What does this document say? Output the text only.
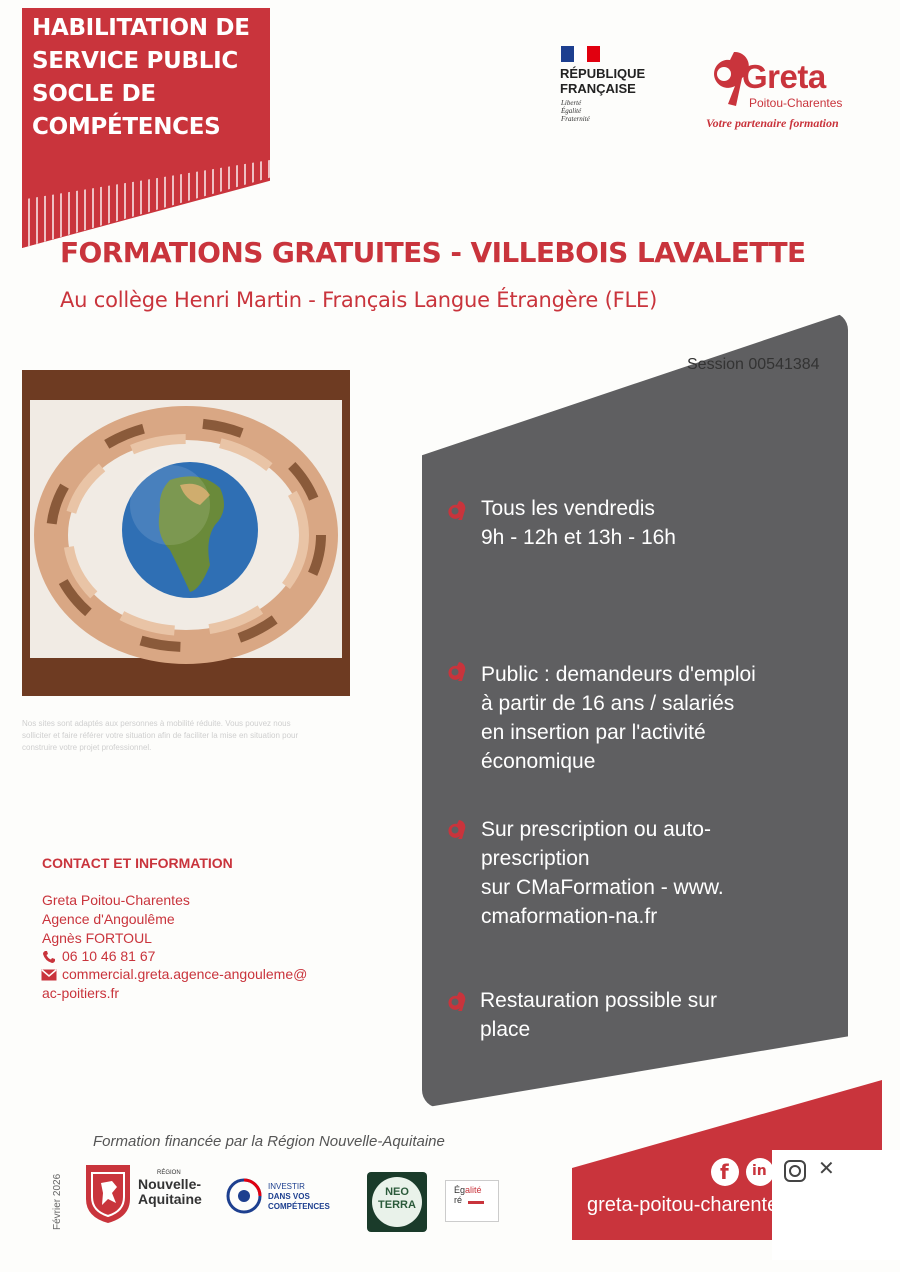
HABILITATION DE
SERVICE PUBLIC
SOCLE DE
COMPÉTENCES
RÉPUBLIQUE
FRANÇAISE
Liberté
Égalité
Fraternité
Greta
Poitou-Charentes
Votre partenaire formation
FORMATIONS GRATUITES - VILLEBOIS LAVALETTE
Au collège Henri Martin - Français Langue Étrangère (FLE)
Session 00541384
Tous les vendredis
9h - 12h et 13h - 16h
Public : demandeurs d'emploi
à partir de 16 ans / salariés
en insertion par l'activité
économique
Sur prescription ou auto-
prescription
sur CMaFormation - www.
cmaformation-na.fr
Restauration possible sur
place
Nos sites sont adaptés aux personnes à mobilité réduite. Vous pouvez nous solliciter et faire référer votre situation afin de faciliter la mise en situation pour construire votre projet professionnel.
CONTACT ET INFORMATION
Greta Poitou-Charentes
Agence d'Angoulême
Agnès FORTOUL
06 10 46 81 67
commercial.greta.agence-angouleme@
ac-poitiers.fr
Formation financée par la Région Nouvelle-Aquitaine
Février 2026
RÉGION
Nouvelle-
Aquitaine
INVESTIR
DANS VOS
COMPÉTENCES
NEO
TERRA
Égalité
ré
f in	✕
greta-poitou-charentes.fr
